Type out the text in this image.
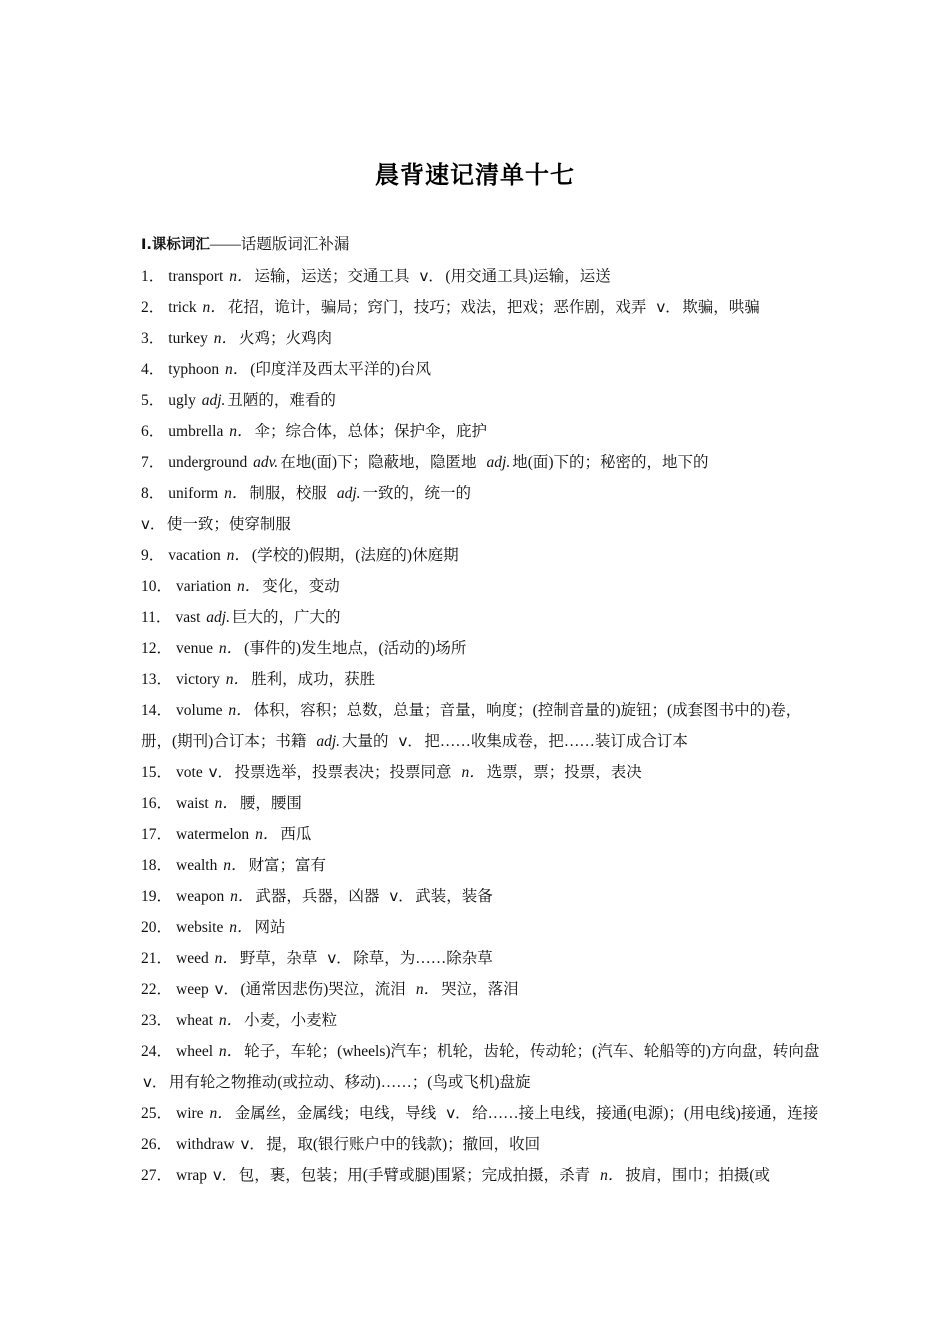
晨背速记清单十七
Ⅰ.课标词汇——话题版词汇补漏
1． transport n． 运输，运送；交通工具 v． (用交通工具)运输，运送
2． trick n． 花招，诡计，骗局；窍门，技巧；戏法，把戏；恶作剧，戏弄 v． 欺骗，哄骗
3． turkey n． 火鸡；火鸡肉
4． typhoon n． (印度洋及西太平洋的)台风
5． ugly adj. 丑陋的，难看的
6． umbrella n． 伞；综合体，总体；保护伞，庇护
7． underground adv. 在地(面)下；隐蔽地，隐匿地 adj. 地(面)下的；秘密的，地下的
8． uniform n． 制服，校服 adj. 一致的，统一的
v． 使一致；使穿制服
9． vacation n． (学校的)假期，(法庭的)休庭期
10． variation n． 变化，变动
11． vast adj. 巨大的，广大的
12． venue n． (事件的)发生地点，(活动的)场所
13． victory n． 胜利，成功，获胜
14． volume n． 体积，容积；总数，总量；音量，响度；(控制音量的)旋钮；(成套图书中的)卷，册，(期刊)合订本；书籍 adj. 大量的 v． 把……收集成卷，把……装订成合订本
15． vote v． 投票选举，投票表决；投票同意 n． 选票，票；投票，表决
16． waist n． 腰，腰围
17． watermelon n． 西瓜
18． wealth n． 财富；富有
19． weapon n． 武器，兵器，凶器 v． 武装，装备
20． website n． 网站
21． weed n． 野草，杂草 v． 除草，为……除杂草
22． weep v． (通常因悲伤)哭泣，流泪 n． 哭泣，落泪
23． wheat n． 小麦，小麦粒
24． wheel n． 轮子，车轮；(wheels)汽车；机轮，齿轮，传动轮；(汽车、轮船等的)方向盘，转向盘v． 用有轮之物推动(或拉动、移动)……；(鸟或飞机)盘旋
25． wire n． 金属丝，金属线；电线，导线 v． 给……接上电线，接通(电源)；(用电线)接通，连接
26． withdraw v． 提，取(银行账户中的钱款)；撤回，收回
27． wrap v． 包，裹，包装；用(手臂或腿)围紧；完成拍摄，杀青 n． 披肩，围巾；拍摄(或
